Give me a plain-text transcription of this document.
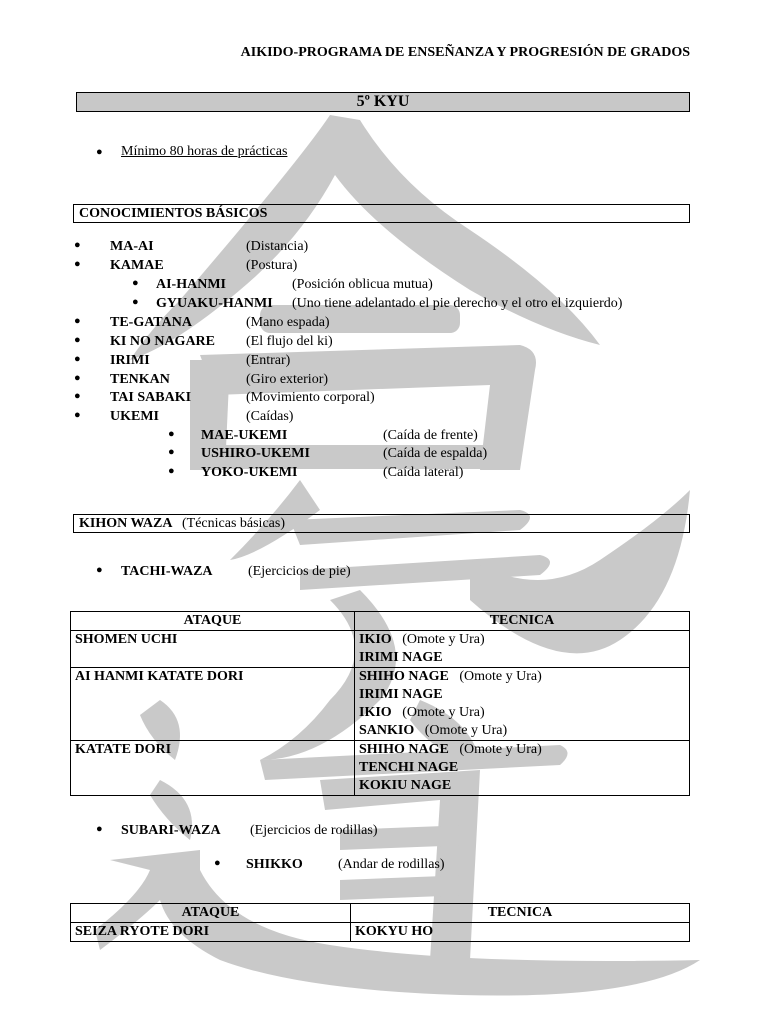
AIKIDO-PROGRAMA DE ENSEÑANZA Y PROGRESIÓN DE GRADOS
5º KYU
● Mínimo 80 horas de prácticas
CONOCIMIENTOS BÁSICOS
● MA-AI	(Distancia)
● KAMAE	(Postura)
● AI-HANMI	(Posición oblicua mutua)
● GYUAKU-HANMI (Uno tiene adelantado el pie derecho y el otro el izquierdo)
● TE-GATANA	(Mano espada)
● KI NO NAGARE (El flujo del ki)
● IRIMI	(Entrar)
● TENKAN	(Giro exterior)
● TAI SABAKI	(Movimiento corporal)
● UKEMI	(Caídas)
● MAE-UKEMI	(Caída de frente)
● USHIRO-UKEMI	(Caída de espalda)
● YOKO-UKEMI	(Caída lateral)
KIHON WAZA (Técnicas básicas)
● TACHI-WAZA	(Ejercicios de pie)
ATAQUE	TECNICA
SHOMEN UCHI	IKIO (Omote y Ura)
IRIMI NAGE

AI HANMI KATATE DORI	SHIHO NAGE (Omote y Ura)
IRIMI NAGE
IKIO (Omote y Ura)
SANKIO (Omote y Ura)

KATATE DORI	SHIHO NAGE (Omote y Ura)
TENCHI NAGE
KOKIU NAGE
● SUBARI-WAZA (Ejercicios de rodillas)
● SHIKKO	(Andar de rodillas)
ATAQUE	TECNICA
SEIZA RYOTE DORI	KOKYU HO
